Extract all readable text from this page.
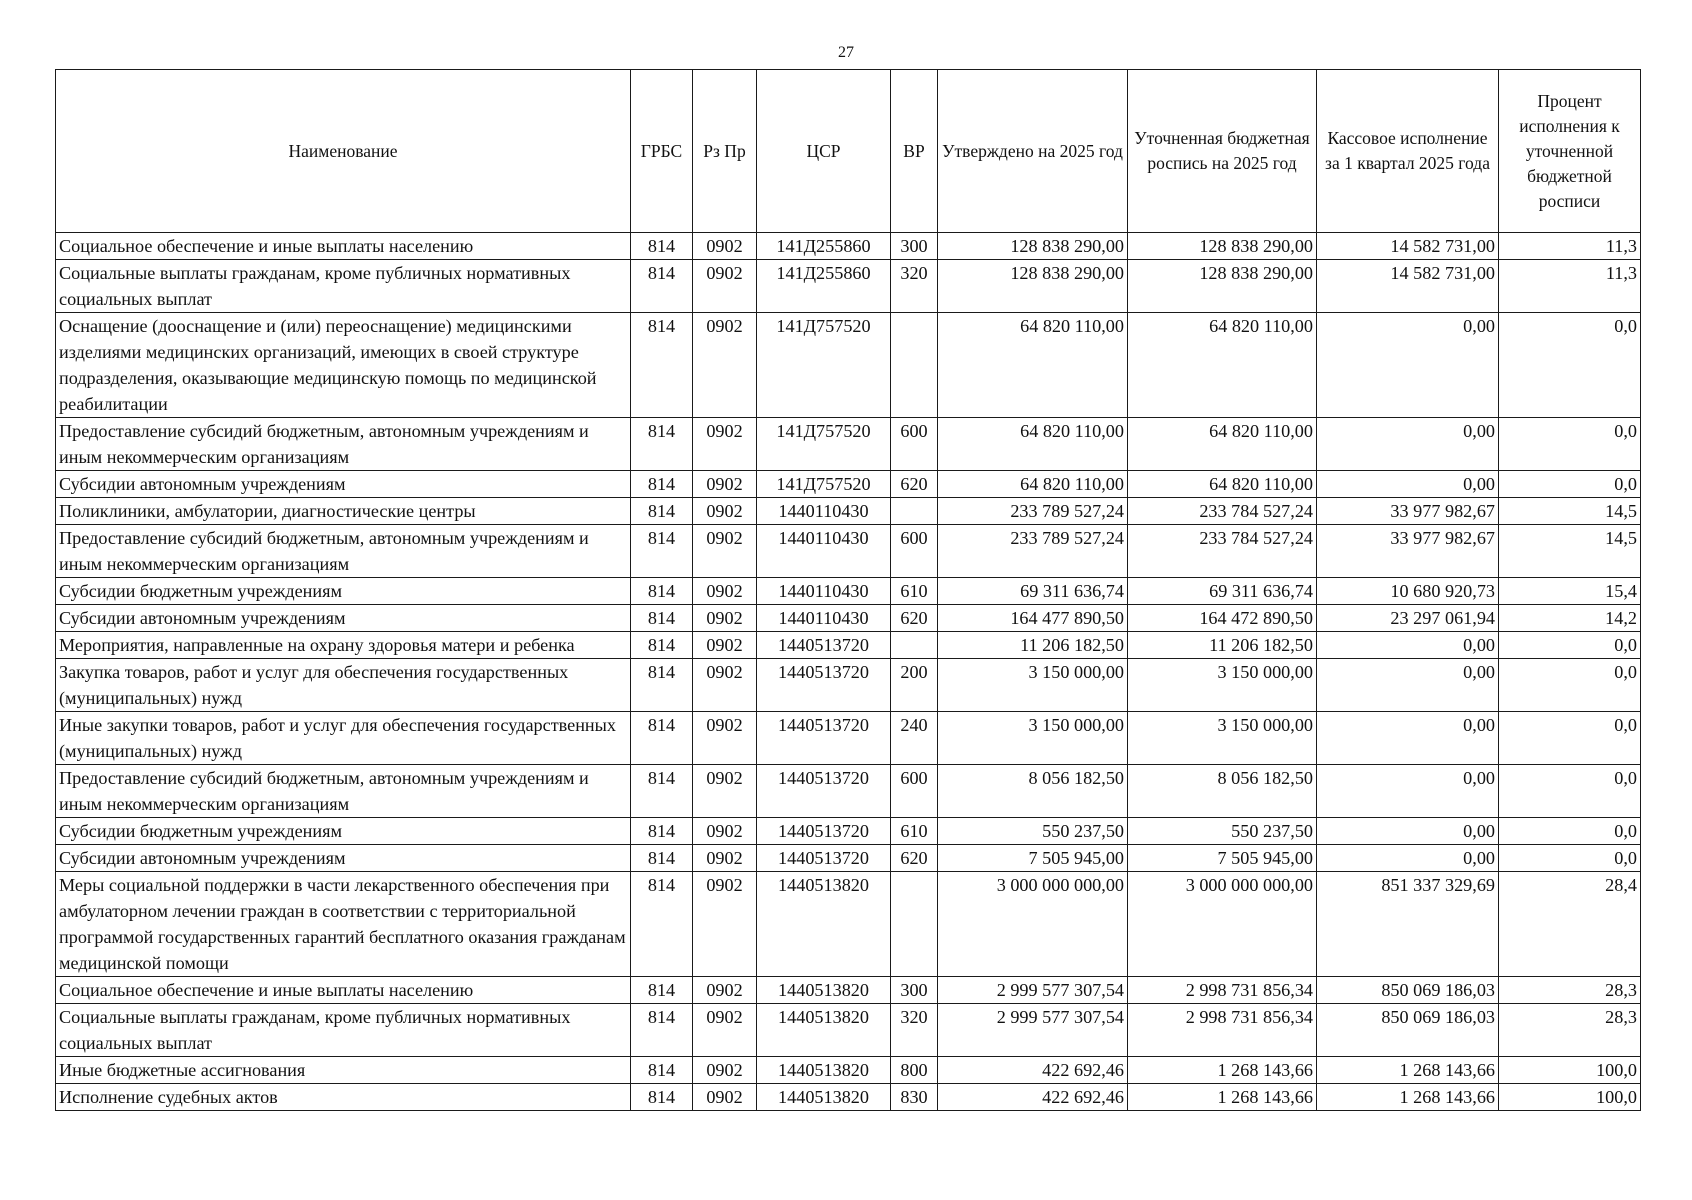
27
Наименование	ГРБС	Рз Пр	ЦСР	ВР	Утверждено на 2025 год	Уточненная бюджетная роспись на 2025 год	Кассовое исполнение за 1 квартал 2025 года	Процент исполнения к уточненной бюджетной росписи
Социальное обеспечение и иные выплаты населению	814	0902	141Д255860	300	128 838 290,00	128 838 290,00	14 582 731,00	11,3
Социальные выплаты гражданам, кроме публичных нормативных социальных выплат	814	0902	141Д255860	320	128 838 290,00	128 838 290,00	14 582 731,00	11,3
Оснащение (дооснащение и (или) переоснащение) медицинскими изделиями медицинских организаций, имеющих в своей структуре подразделения, оказывающие медицинскую помощь по медицинской реабилитации	814	0902	141Д757520		64 820 110,00	64 820 110,00	0,00	0,0
Предоставление субсидий бюджетным, автономным учреждениям и иным некоммерческим организациям	814	0902	141Д757520	600	64 820 110,00	64 820 110,00	0,00	0,0
Субсидии автономным учреждениям	814	0902	141Д757520	620	64 820 110,00	64 820 110,00	0,00	0,0
Поликлиники, амбулатории, диагностические центры	814	0902	1440110430		233 789 527,24	233 784 527,24	33 977 982,67	14,5
Предоставление субсидий бюджетным, автономным учреждениям и иным некоммерческим организациям	814	0902	1440110430	600	233 789 527,24	233 784 527,24	33 977 982,67	14,5
Субсидии бюджетным учреждениям	814	0902	1440110430	610	69 311 636,74	69 311 636,74	10 680 920,73	15,4
Субсидии автономным учреждениям	814	0902	1440110430	620	164 477 890,50	164 472 890,50	23 297 061,94	14,2
Мероприятия, направленные на охрану здоровья матери и ребенка	814	0902	1440513720		11 206 182,50	11 206 182,50	0,00	0,0
Закупка товаров, работ и услуг для обеспечения государственных (муниципальных) нужд	814	0902	1440513720	200	3 150 000,00	3 150 000,00	0,00	0,0
Иные закупки товаров, работ и услуг для обеспечения государственных (муниципальных) нужд	814	0902	1440513720	240	3 150 000,00	3 150 000,00	0,00	0,0
Предоставление субсидий бюджетным, автономным учреждениям и иным некоммерческим организациям	814	0902	1440513720	600	8 056 182,50	8 056 182,50	0,00	0,0
Субсидии бюджетным учреждениям	814	0902	1440513720	610	550 237,50	550 237,50	0,00	0,0
Субсидии автономным учреждениям	814	0902	1440513720	620	7 505 945,00	7 505 945,00	0,00	0,0
Меры социальной поддержки в части лекарственного обеспечения при амбулаторном лечении граждан в соответствии с территориальной программой государственных гарантий бесплатного оказания гражданам медицинской помощи	814	0902	1440513820		3 000 000 000,00	3 000 000 000,00	851 337 329,69	28,4
Социальное обеспечение и иные выплаты населению	814	0902	1440513820	300	2 999 577 307,54	2 998 731 856,34	850 069 186,03	28,3
Социальные выплаты гражданам, кроме публичных нормативных социальных выплат	814	0902	1440513820	320	2 999 577 307,54	2 998 731 856,34	850 069 186,03	28,3
Иные бюджетные ассигнования	814	0902	1440513820	800	422 692,46	1 268 143,66	1 268 143,66	100,0
Исполнение судебных актов	814	0902	1440513820	830	422 692,46	1 268 143,66	1 268 143,66	100,0
